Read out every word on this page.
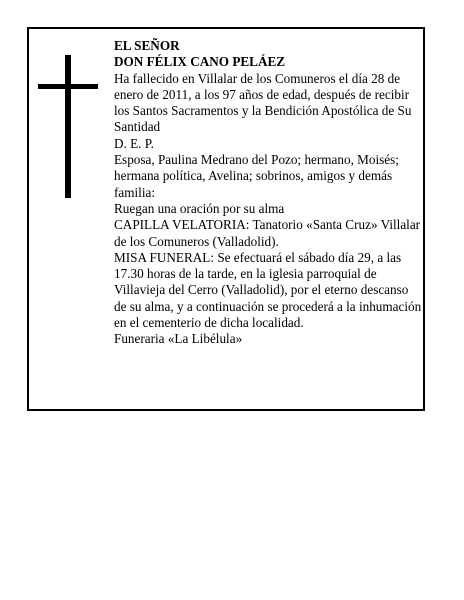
EL SEÑOR

DON FÉLIX CANO PELÁEZ

Ha fallecido en Villalar de los Comuneros el día 28 de enero de 2011, a los 97 años de edad, después de recibir los Santos Sacramentos y la Bendición Apostólica de Su Santidad

D. E. P.

Esposa, Paulina Medrano del Pozo; hermano, Moisés; hermana política, Avelina; sobrinos, amigos y demás familia:

Ruegan una oración por su alma

CAPILLA VELATORIA: Tanatorio «Santa Cruz» Villalar de los Comuneros (Valladolid).

MISA FUNERAL: Se efectuará el sábado día 29, a las 17.30 horas de la tarde, en la iglesia parroquial de Villavieja del Cerro (Valladolid), por el eterno descanso de su alma, y a continuación se procederá a la inhumación en el cementerio de dicha localidad.

Funeraria «La Libélula»
